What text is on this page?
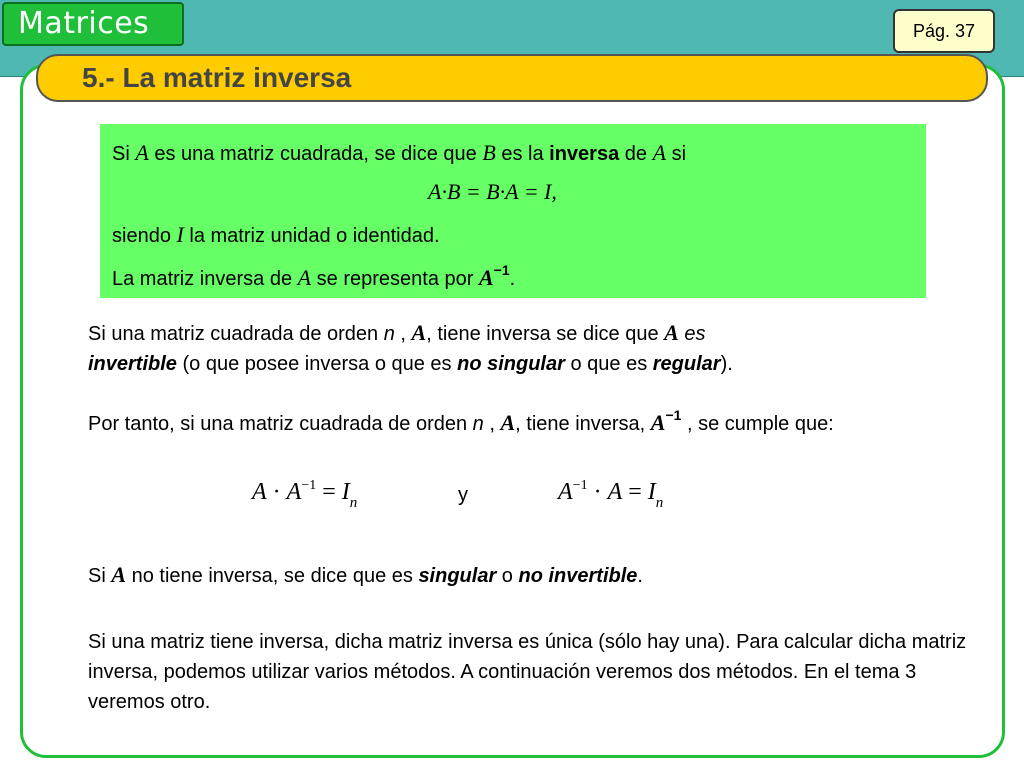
Matrices	Pág. 37
5.- La matriz inversa
Si A es una matriz cuadrada, se dice que B es la inversa de A si
A·B = B·A = I,
siendo I la matriz unidad o identidad.
La matriz inversa de A se representa por $A^{-1}$.
Si una matriz cuadrada de orden n , A, tiene inversa se dice que A es
invertible (o que posee inversa o que es no singular o que es regular).
Por tanto, si una matriz cuadrada de orden n , A, tiene inversa, $A^{-1}$ , se cumple que:
$A \cdot A^{-1} = I_n$	y	$A^{-1} \cdot A = I_n$
Si A no tiene inversa, se dice que es singular o no invertible.
Si una matriz tiene inversa, dicha matriz inversa es única (sólo hay una). Para calcular dicha matriz inversa, podemos utilizar varios métodos. A continuación veremos dos métodos. En el tema 3 veremos otro.
